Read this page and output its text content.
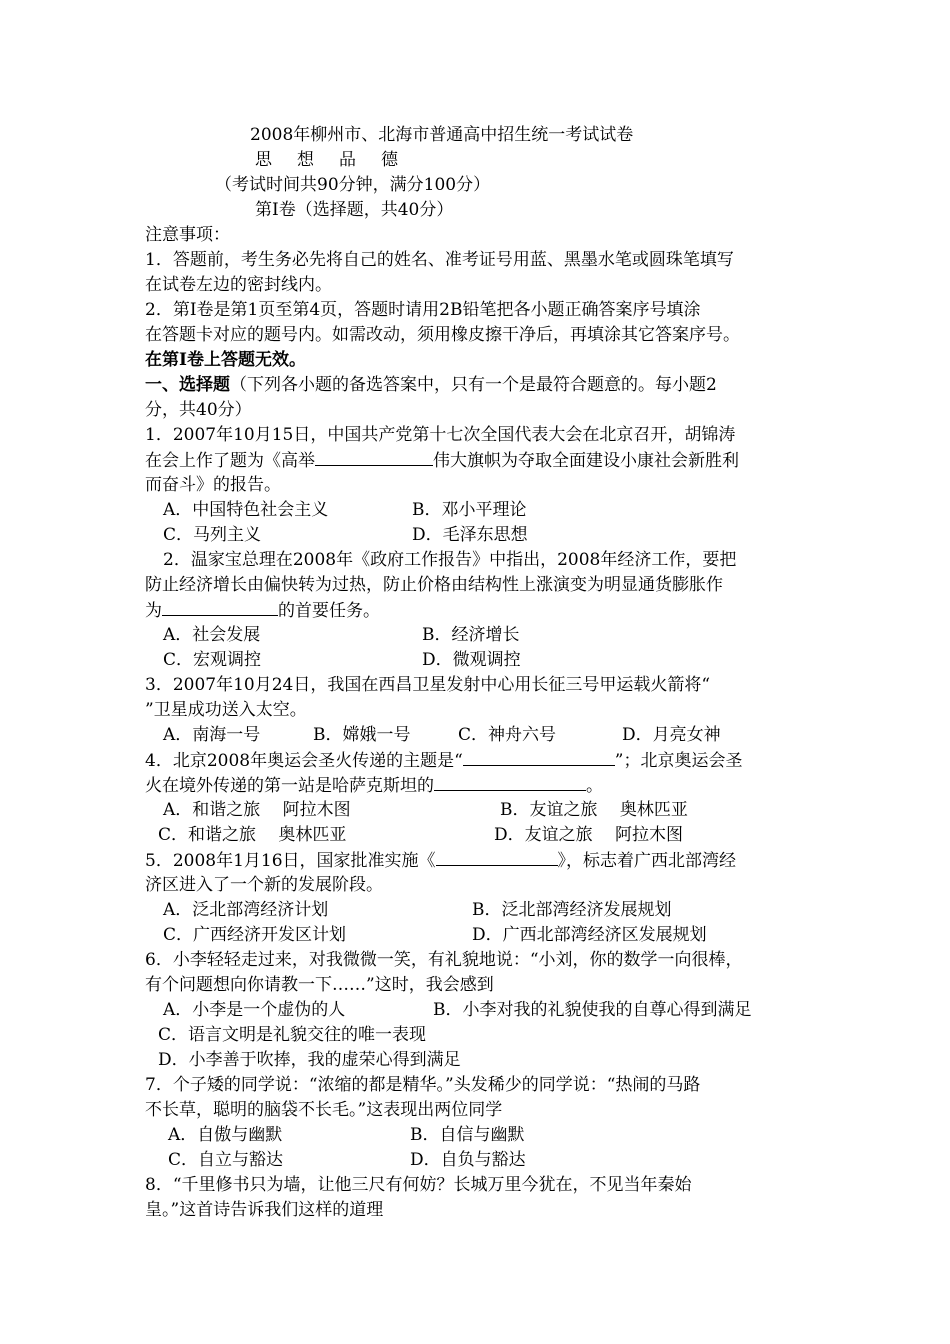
2008年柳州市、北海市普通高中招生统一考试试卷
思　想　品　德
（考试时间共90分钟，满分100分）
第Ⅰ卷（选择题，共40分）
注意事项：
1．答题前，考生务必先将自己的姓名、准考证号用蓝、黑墨水笔或圆珠笔填写
在试卷左边的密封线内。
2．第Ⅰ卷是第1页至第4页，答题时请用2B铅笔把各小题正确答案序号填涂
在答题卡对应的题号内。如需改动，须用橡皮擦干净后，再填涂其它答案序号。
在第Ⅰ卷上答题无效。
一、选择题（下列各小题的备选答案中，只有一个是最符合题意的。每小题2
分，共40分）
1．2007年10月15日，中国共产党第十七次全国代表大会在北京召开，胡锦涛
在会上作了题为《高举	伟大旗帜为夺取全面建设小康社会新胜利
而奋斗》的报告。
A．中国特色社会主义	B．邓小平理论
C．马列主义	D．毛泽东思想
2．温家宝总理在2008年《政府工作报告》中指出，2008年经济工作，要把
防止经济增长由偏快转为过热，防止价格由结构性上涨演变为明显通货膨胀作
为	的首要任务。
A．社会发展	B．经济增长
C．宏观调控	D．微观调控
3．2007年10月24日，我国在西昌卫星发射中心用长征三号甲运载火箭将“
”卫星成功送入太空。
A．南海一号	B．嫦娥一号	C．神舟六号	D．月亮女神
4．北京2008年奥运会圣火传递的主题是“	”；北京奥运会圣
火在境外传递的第一站是哈萨克斯坦的	。
A．和谐之旅　 阿拉木图	B．友谊之旅　 奥林匹亚
C．和谐之旅　 奥林匹亚	D．友谊之旅　 阿拉木图
5．2008年1月16日，国家批准实施《	》，标志着广西北部湾经
济区进入了一个新的发展阶段。
A．泛北部湾经济计划	B．泛北部湾经济发展规划
C．广西经济开发区计划	D．广西北部湾经济区发展规划
6．小李轻轻走过来，对我微微一笑，有礼貌地说：“小刘，你的数学一向很棒，
有个问题想向你请教一下……”这时，我会感到
A．小李是一个虚伪的人	B．小李对我的礼貌使我的自尊心得到满足
C．语言文明是礼貌交往的唯一表现
D．小李善于吹捧，我的虚荣心得到满足
7．个子矮的同学说：“浓缩的都是精华。”头发稀少的同学说：“热闹的马路
不长草，聪明的脑袋不长毛。”这表现出两位同学
A．自傲与幽默	B．自信与幽默
C．自立与豁达	D．自负与豁达
8．“千里修书只为墙，让他三尺有何妨？长城万里今犹在，不见当年秦始
皇。”这首诗告诉我们这样的道理
